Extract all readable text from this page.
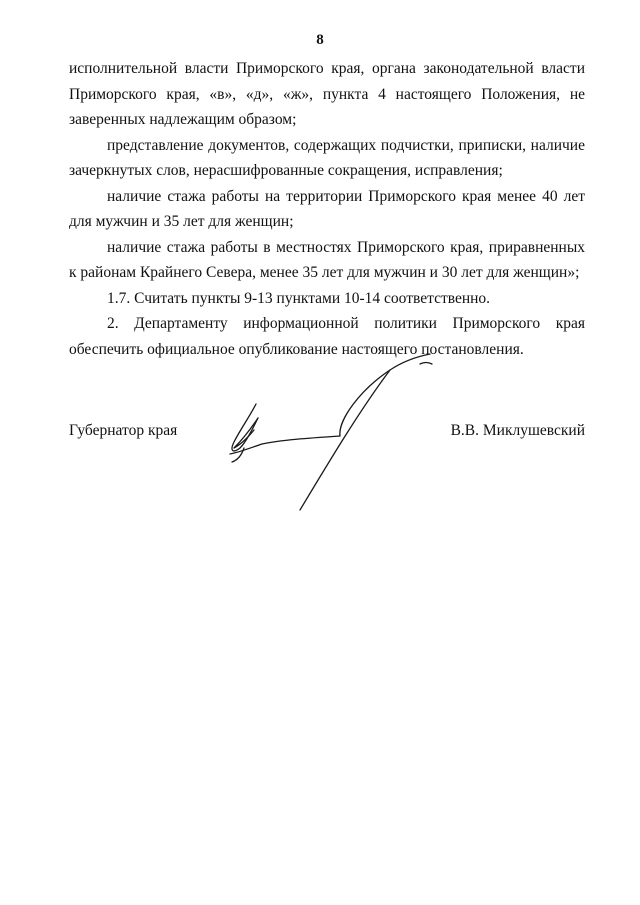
8

исполнительной власти Приморского края, органа законодательной власти Приморского края, «в», «д», «ж», пункта 4 настоящего Положения, не заверенных надлежащим образом;

представление документов, содержащих подчистки, приписки, наличие зачеркнутых слов, нерасшифрованные сокращения, исправления;

наличие стажа работы на территории Приморского края менее 40 лет для мужчин и 35 лет для женщин;

наличие стажа работы в местностях Приморского края, приравненных к районам Крайнего Севера, менее 35 лет для мужчин и 30 лет для женщин»;

1.7. Считать пункты 9-13 пунктами 10-14 соответственно.

2. Департаменту информационной политики Приморского края обеспечить официальное опубликование настоящего постановления.

Губернатор края	В.В. Миклушевский
